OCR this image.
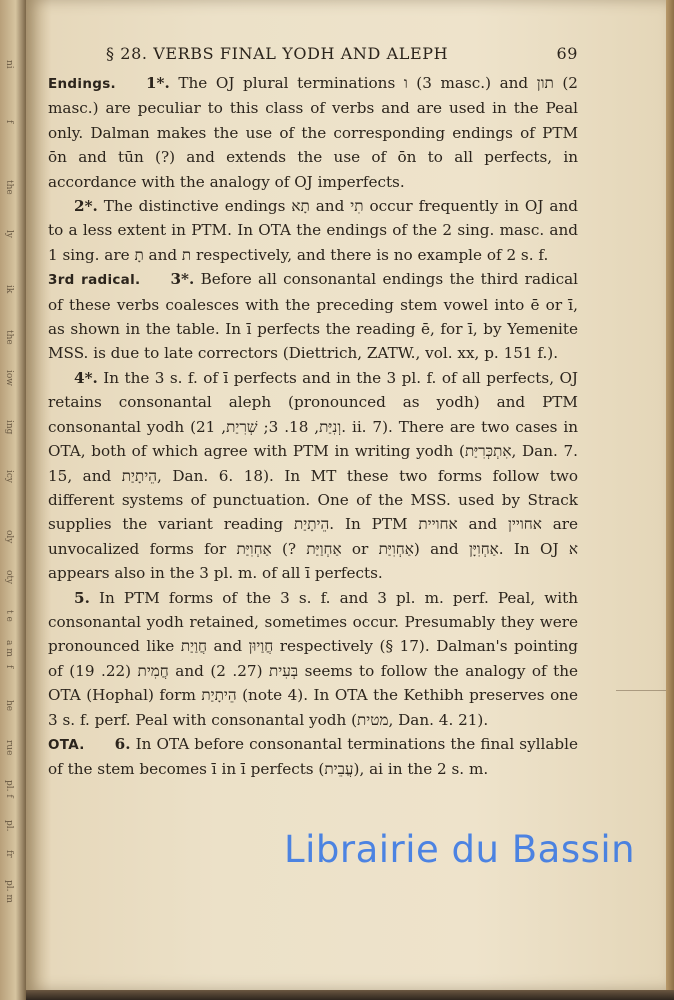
ni
f
the
ly
ik
the
iow
ing
icy
oly
oty
t e
a m
f
he
rue
pl. f
pl.
fr
pl. m
§ 28. VERBS FINAL YODH AND ALEPH	69

Endings. 1*. The OJ plural terminations ו (3 masc.) and תון (2 masc.) are peculiar to this class of verbs and are used in the Peal only. Dalman makes the use of the corresponding endings of PTM ōn and tūn (?) and extends the use of ōn to all perfects, in accordance with the analogy of OJ imperfects.

2*. The distinctive endings תָא and תִי occur frequently in OJ and to a less extent in PTM. In OTA the endings of the 2 sing. masc. and 1 sing. are תָ and ת respectively, and there is no example of 2 s. f.

3rd radical. 3*. Before all consonantal endings the third radical of these verbs coalesces with the preceding stem vowel into ē or ī, as shown in the table. In ī perfects the reading ē, for ī, by Yemenite MSS. is due to late correctors (Diettrich, ZATW., vol. xx, p. 151 f.).

4*. In the 3 s. f. of ī perfects and in the 3 pl. f. of all perfects, OJ retains consonantal aleph (pronounced as yodh) and PTM consonantal yodh (וְנִיַּת, 18. 3; שְׁרִיַת, 21. ii. 7). There are two cases in OTA, both of which agree with PTM in writing yodh (אִתְכְּרִיַּת, Dan. 7. 15, and הֵיתָיַת, Dan. 6. 18). In MT these two forms follow two different systems of punctuation. One of the MSS. used by Strack supplies the variant reading הֵיתָיַת. In PTM אחויית and אחויין are unvocalized forms for אַחְוִיַּת (? אַחְוַיַּת or אַחְוִיַּת) and אַחְוִיָּן. In OJ א appears also in the 3 pl. m. of all ī perfects.

5. In PTM forms of the 3 s. f. and 3 pl. m. perf. Peal, with consonantal yodh retained, sometimes occur. Presumably they were pronounced like חֲוַיַת and חֲוַיוּן respectively (§ 17). Dalman's pointing of חֲמִית (22. 19) and בְּעִית (27. 2) seems to follow the analogy of the OTA (Hophal) form הֵיתָיַת (note 4). In OTA the Kethibh preserves one 3 s. f. perf. Peal with consonantal yodh (מטית, Dan. 4. 21).

OTA. 6. In OTA before consonantal terminations the final syllable of the stem becomes ī in ī perfects (עֲבֵית), ai in the 2 s. m.

Librairie du Bassin
